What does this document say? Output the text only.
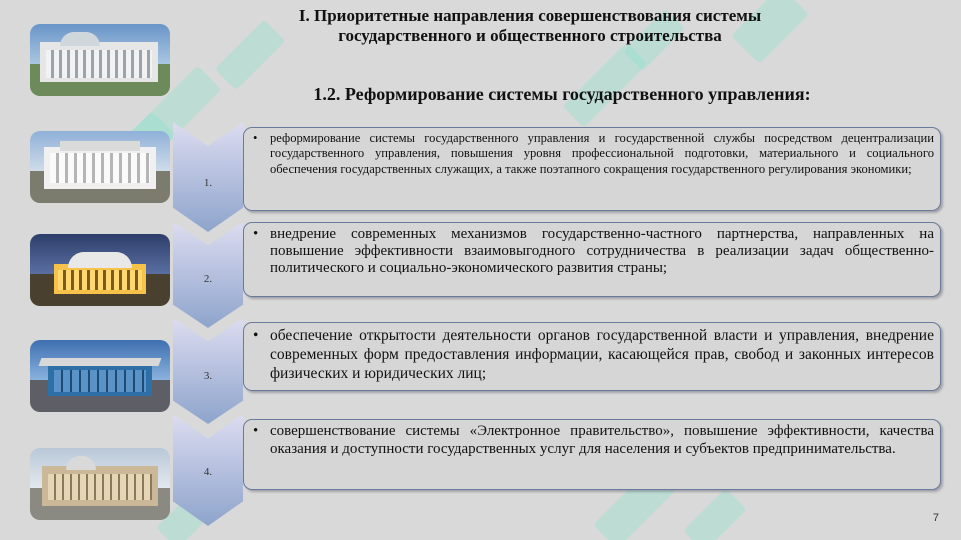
I. Приоритетные направления совершенствования системы государственного и общественного строительства
1.2. Реформирование системы государственного управления:
1.
2.
3.
4.
• реформирование системы государственного управления и государственной службы посредством децентрализации государственного управления, повышения уровня профессиональной подготовки, материального и социального обеспечения государственных служащих, а также поэтапного сокращения государственного регулирования экономики;
• внедрение современных механизмов государственно-частного партнерства, направленных на повышение эффективности взаимовыгодного сотрудничества в реализации задач общественно-политического и социально-экономического развития страны;
• обеспечение открытости деятельности органов государственной власти и управления, внедрение современных форм предоставления информации, касающейся прав, свобод и законных интересов физических и юридических лиц;
• совершенствование системы «Электронное правительство», повышение эффективности, качества оказания и доступности государственных услуг для населения и субъектов предпринимательства.
7
